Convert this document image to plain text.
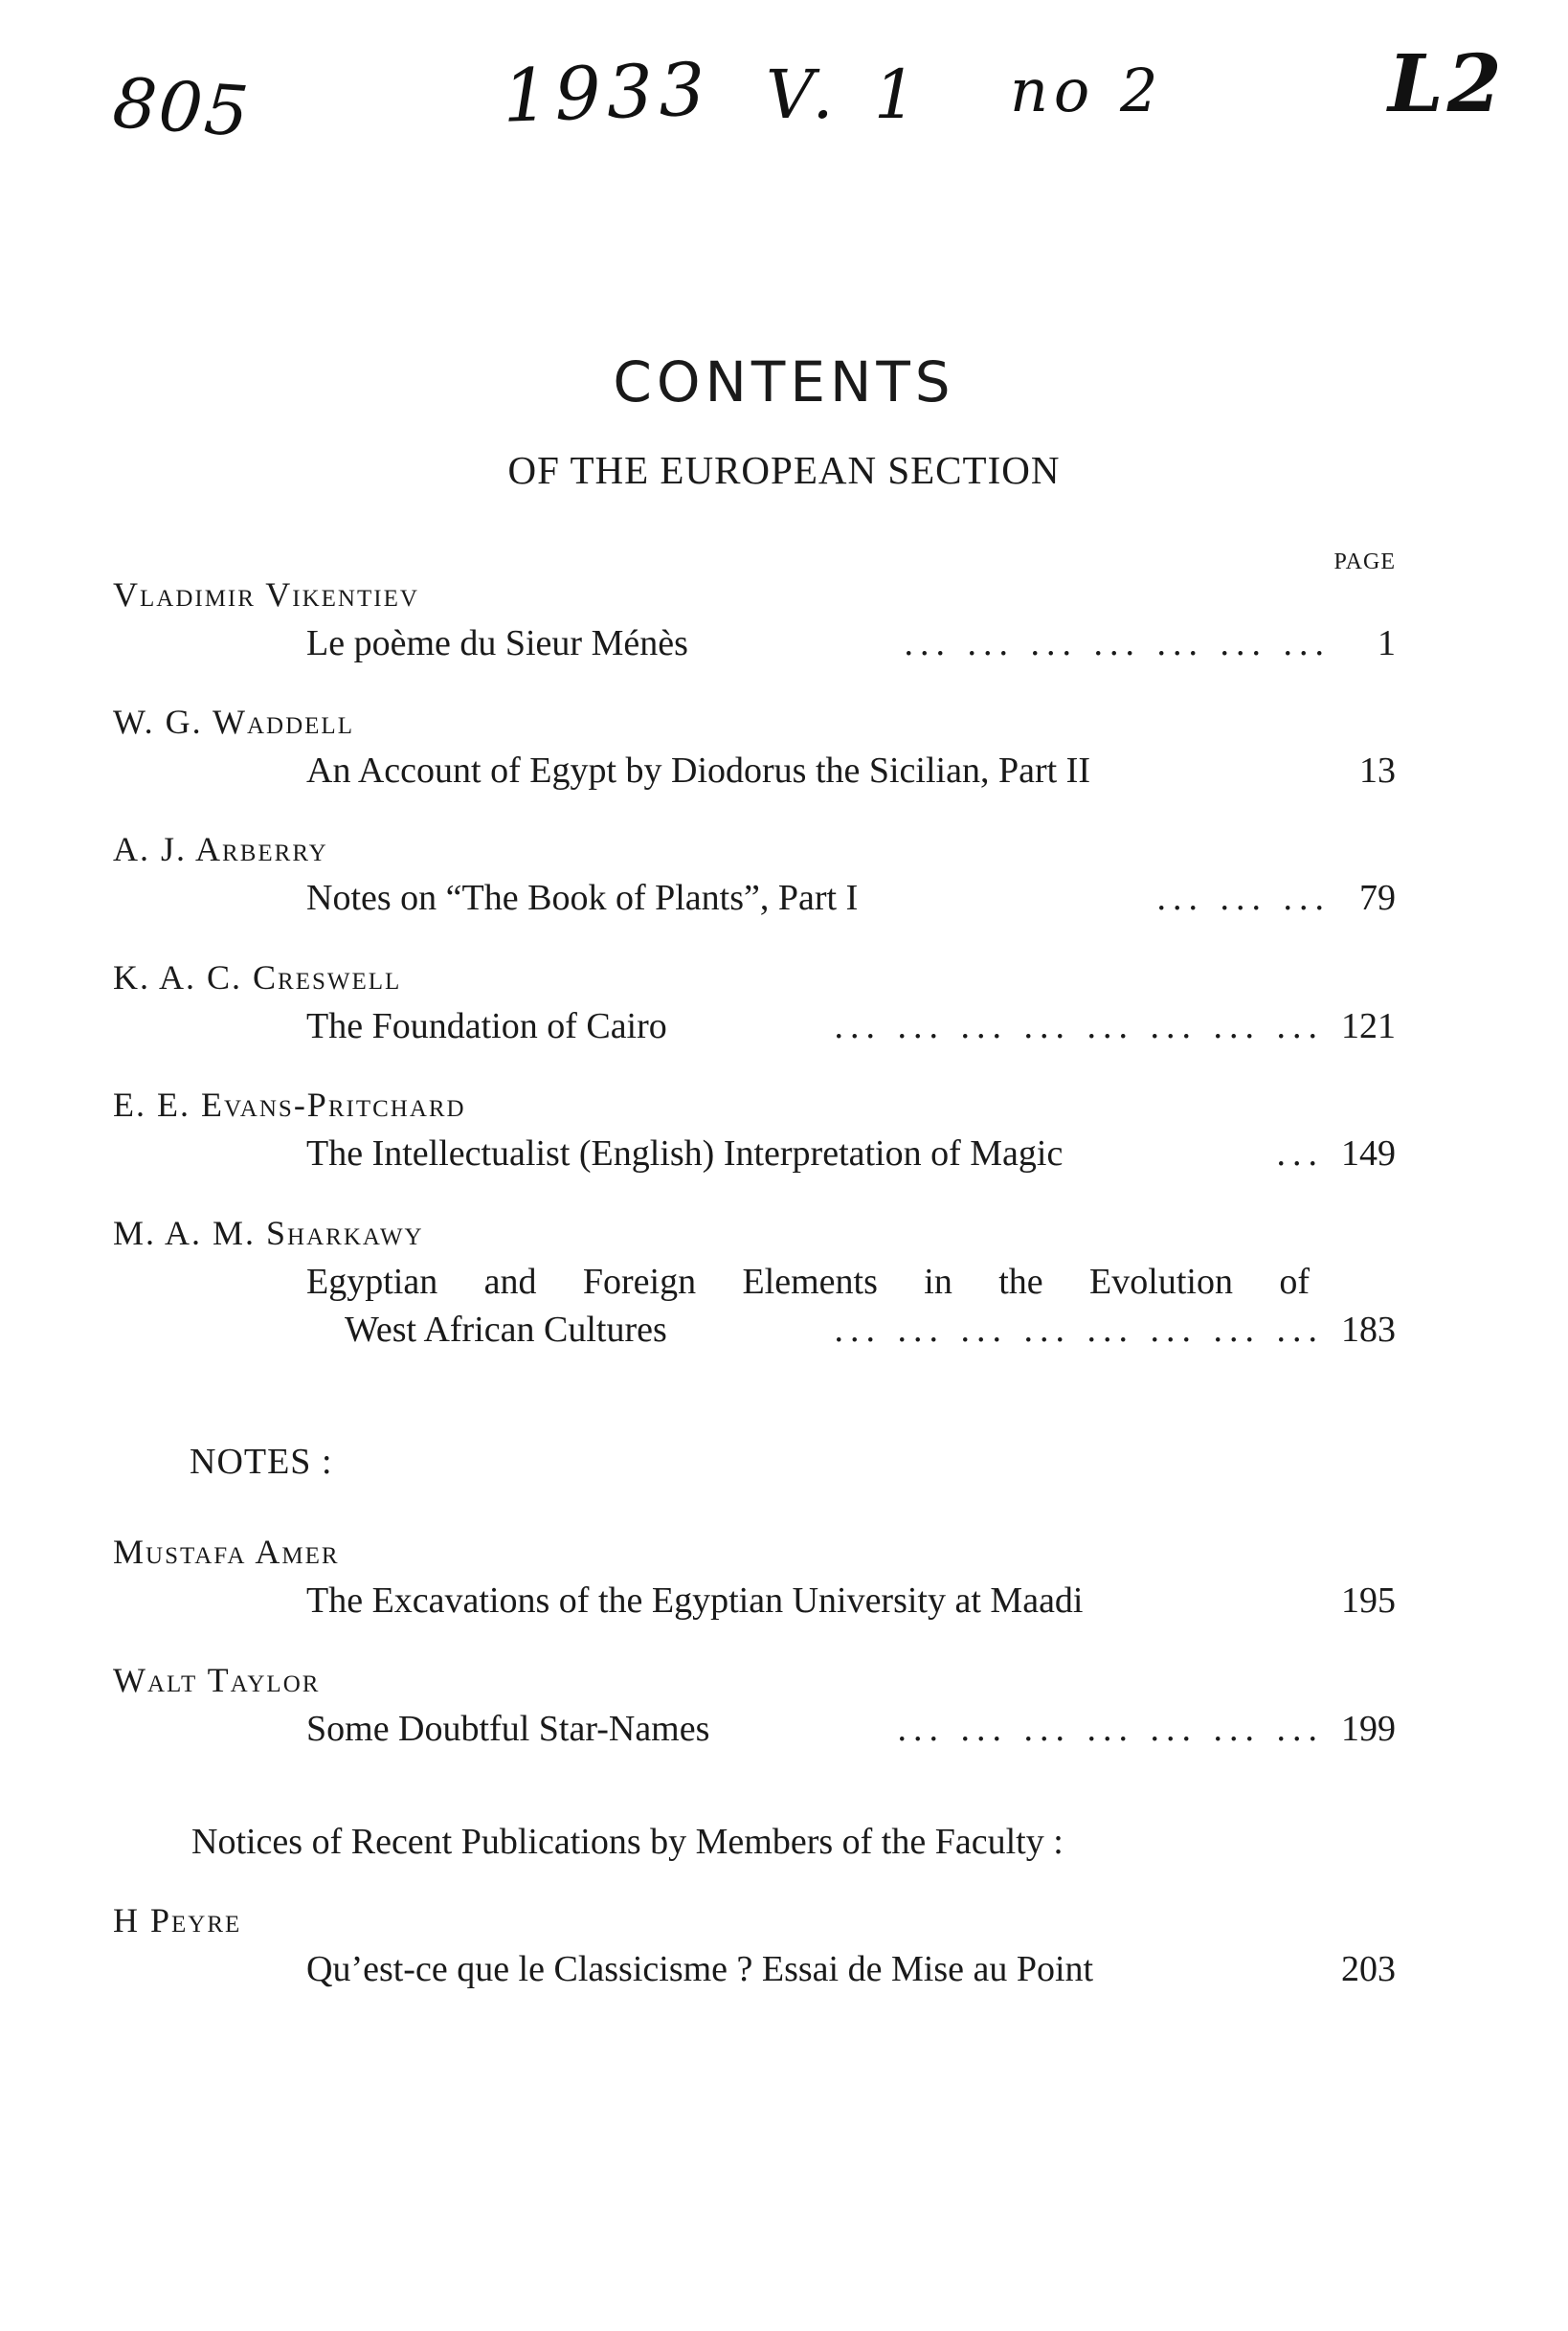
805	1933 V. 1 no 2	L2
CONTENTS
OF THE EUROPEAN SECTION
PAGE
Vladimir Vikentiev
Le poème du Sieur Ménès	... ... ... ... ... ... ...	1
W. G. Waddell
An Account of Egypt by Diodorus the Sicilian, Part II	13
A. J. Arberry
Notes on “The Book of Plants”, Part I	... ... ... 79
K. A. C. Creswell
The Foundation of Cairo	... ... ... ... ... ... ... ... 121
E. E. Evans-Pritchard
The Intellectualist (English) Interpretation of Magic	... 149
M. A. M. Sharkawy
Egyptian and Foreign Elements in the Evolution of
West African Cultures	... ... ... ... ... ... ... ... 183
NOTES :
Mustafa Amer
The Excavations of the Egyptian University at Maadi	195
Walt Taylor
Some Doubtful Star-Names	... ... ... ... ... ... ... 199
Notices of Recent Publications by Members of the Faculty :
H Peyre
Qu’est-ce que le Classicisme ? Essai de Mise au Point	203
